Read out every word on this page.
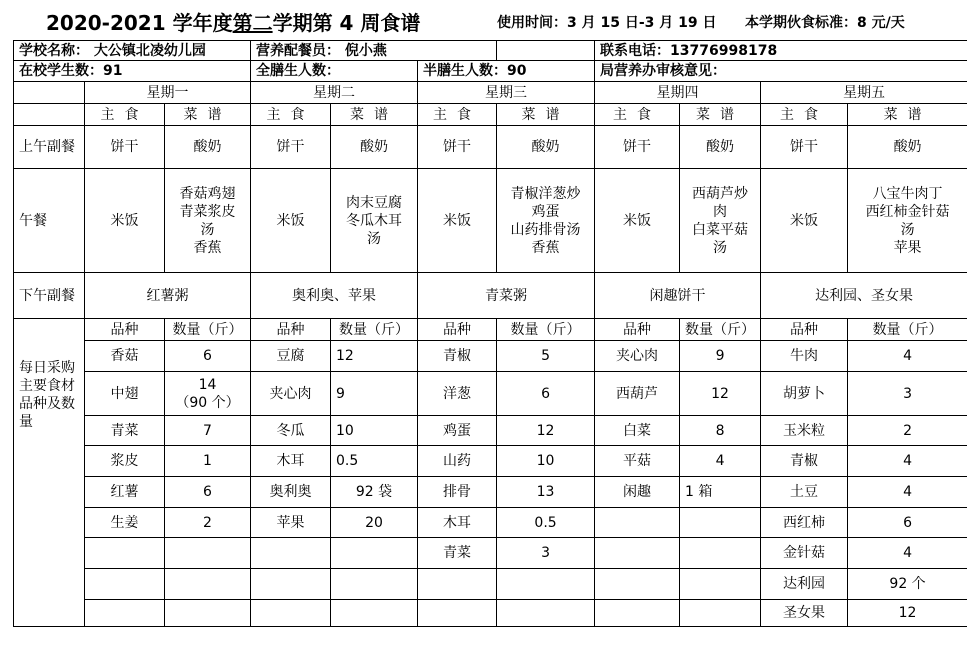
2020-2021 学年度第二学期第 4 周食谱	使用时间：3 月 15 日-3 月 19 日 本学期伙食标准：8 元/天
学校名称： 大公镇北凌幼儿园			营养配餐员： 倪小燕				联系电话：13776998178			
在校学生数：91			全膳生人数：		半膳生人数：90		局营养办审核意见：			
	星期一		星期二		星期三		星期四		星期五	
	主食	菜谱	主食	菜谱	主食	菜谱	主食	菜谱	主食	菜谱
上午副餐	饼干	酸奶	饼干	酸奶	饼干	酸奶	饼干	酸奶	饼干	酸奶
午餐	米饭	香菇鸡翅
青菜浆皮
汤
香蕉	米饭	肉末豆腐
冬瓜木耳
汤	米饭	青椒洋葱炒
鸡蛋
山药排骨汤
香蕉	米饭	西葫芦炒
肉
白菜平菇
汤	米饭	八宝牛肉丁
西红柿金针菇
汤
苹果

下午副餐	红薯粥		奥利奥、苹果		青菜粥		闲趣饼干		达利园、圣女果	
每日采购主要食材品种及数量	品种	数量（斤）	品种	数量（斤）	品种	数量（斤）	品种	数量（斤）	品种	数量（斤）
	香菇	6	豆腐	12	青椒	5	夹心肉	9	牛肉	4
	中翅	14
（90 个）	夹心肉	9	洋葱	6	西葫芦	12	胡萝卜	3
	青菜	7	冬瓜	10	鸡蛋	12	白菜	8	玉米粒	2
	浆皮	1	木耳	0.5	山药	10	平菇	4	青椒	4
	红薯	6	奥利奥	92 袋	排骨	13	闲趣	1 箱	土豆	4
	生姜	2	苹果	20	木耳	0.5			西红柿	6
					青菜	3			金针菇	4
									达利园	92 个
									圣女果	12
